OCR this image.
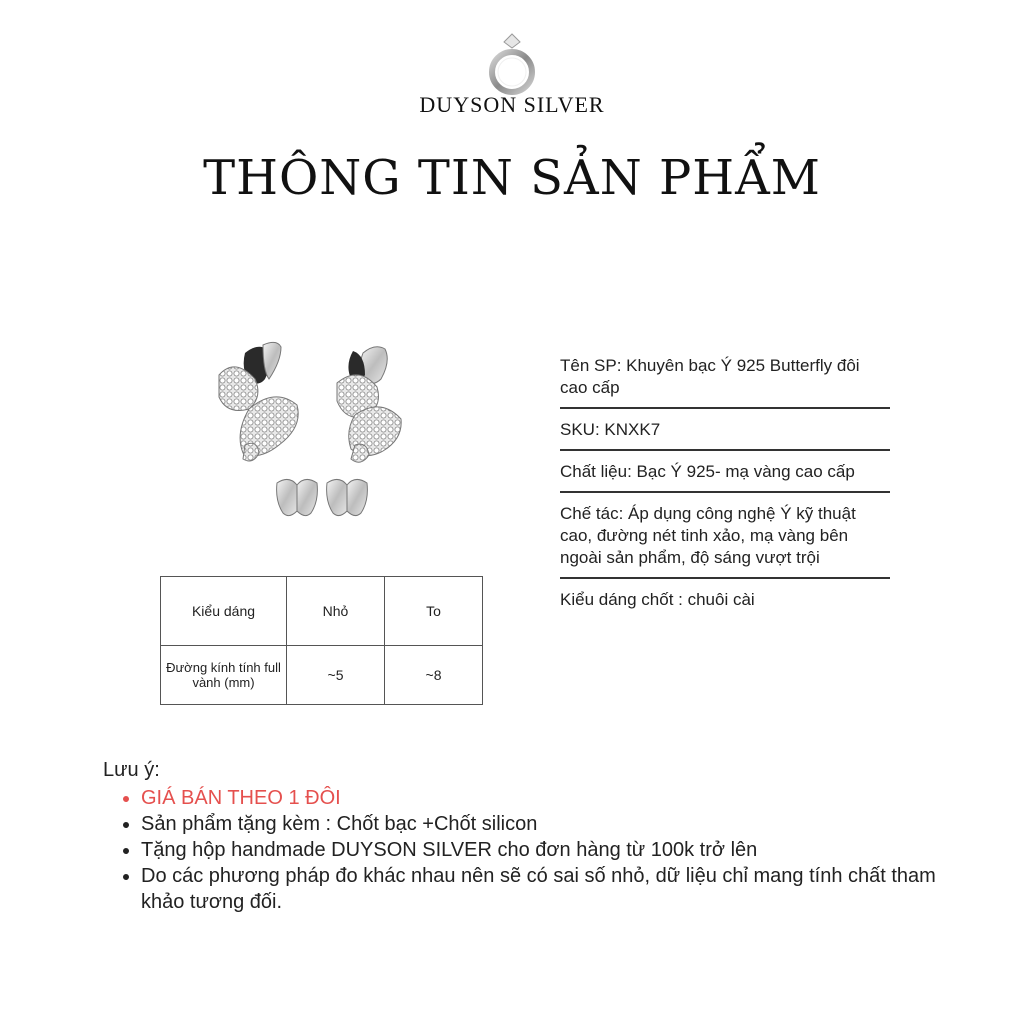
DUYSON SILVER
THÔNG TIN SẢN PHẨM
Kiểu dáng	Nhỏ	To
Đường kính tính full vành (mm)	~5	~8
Tên SP: Khuyên bạc Ý 925 Butterfly đôi cao cấp
SKU: KNXK7
Chất liệu: Bạc Ý 925- mạ vàng cao cấp
Chế tác: Áp dụng công nghệ Ý kỹ thuật cao, đường nét tinh xảo, mạ vàng bên ngoài sản phẩm, độ sáng vượt trội
Kiểu dáng chốt : chuôi cài
Lưu ý:
• GIÁ BÁN THEO 1 ĐÔI
• Sản phẩm tặng kèm : Chốt bạc +Chốt silicon
• Tặng hộp handmade DUYSON SILVER cho đơn hàng từ 100k trở lên
• Do các phương pháp đo khác nhau nên sẽ có sai số nhỏ, dữ liệu chỉ mang tính chất tham khảo tương đối.
